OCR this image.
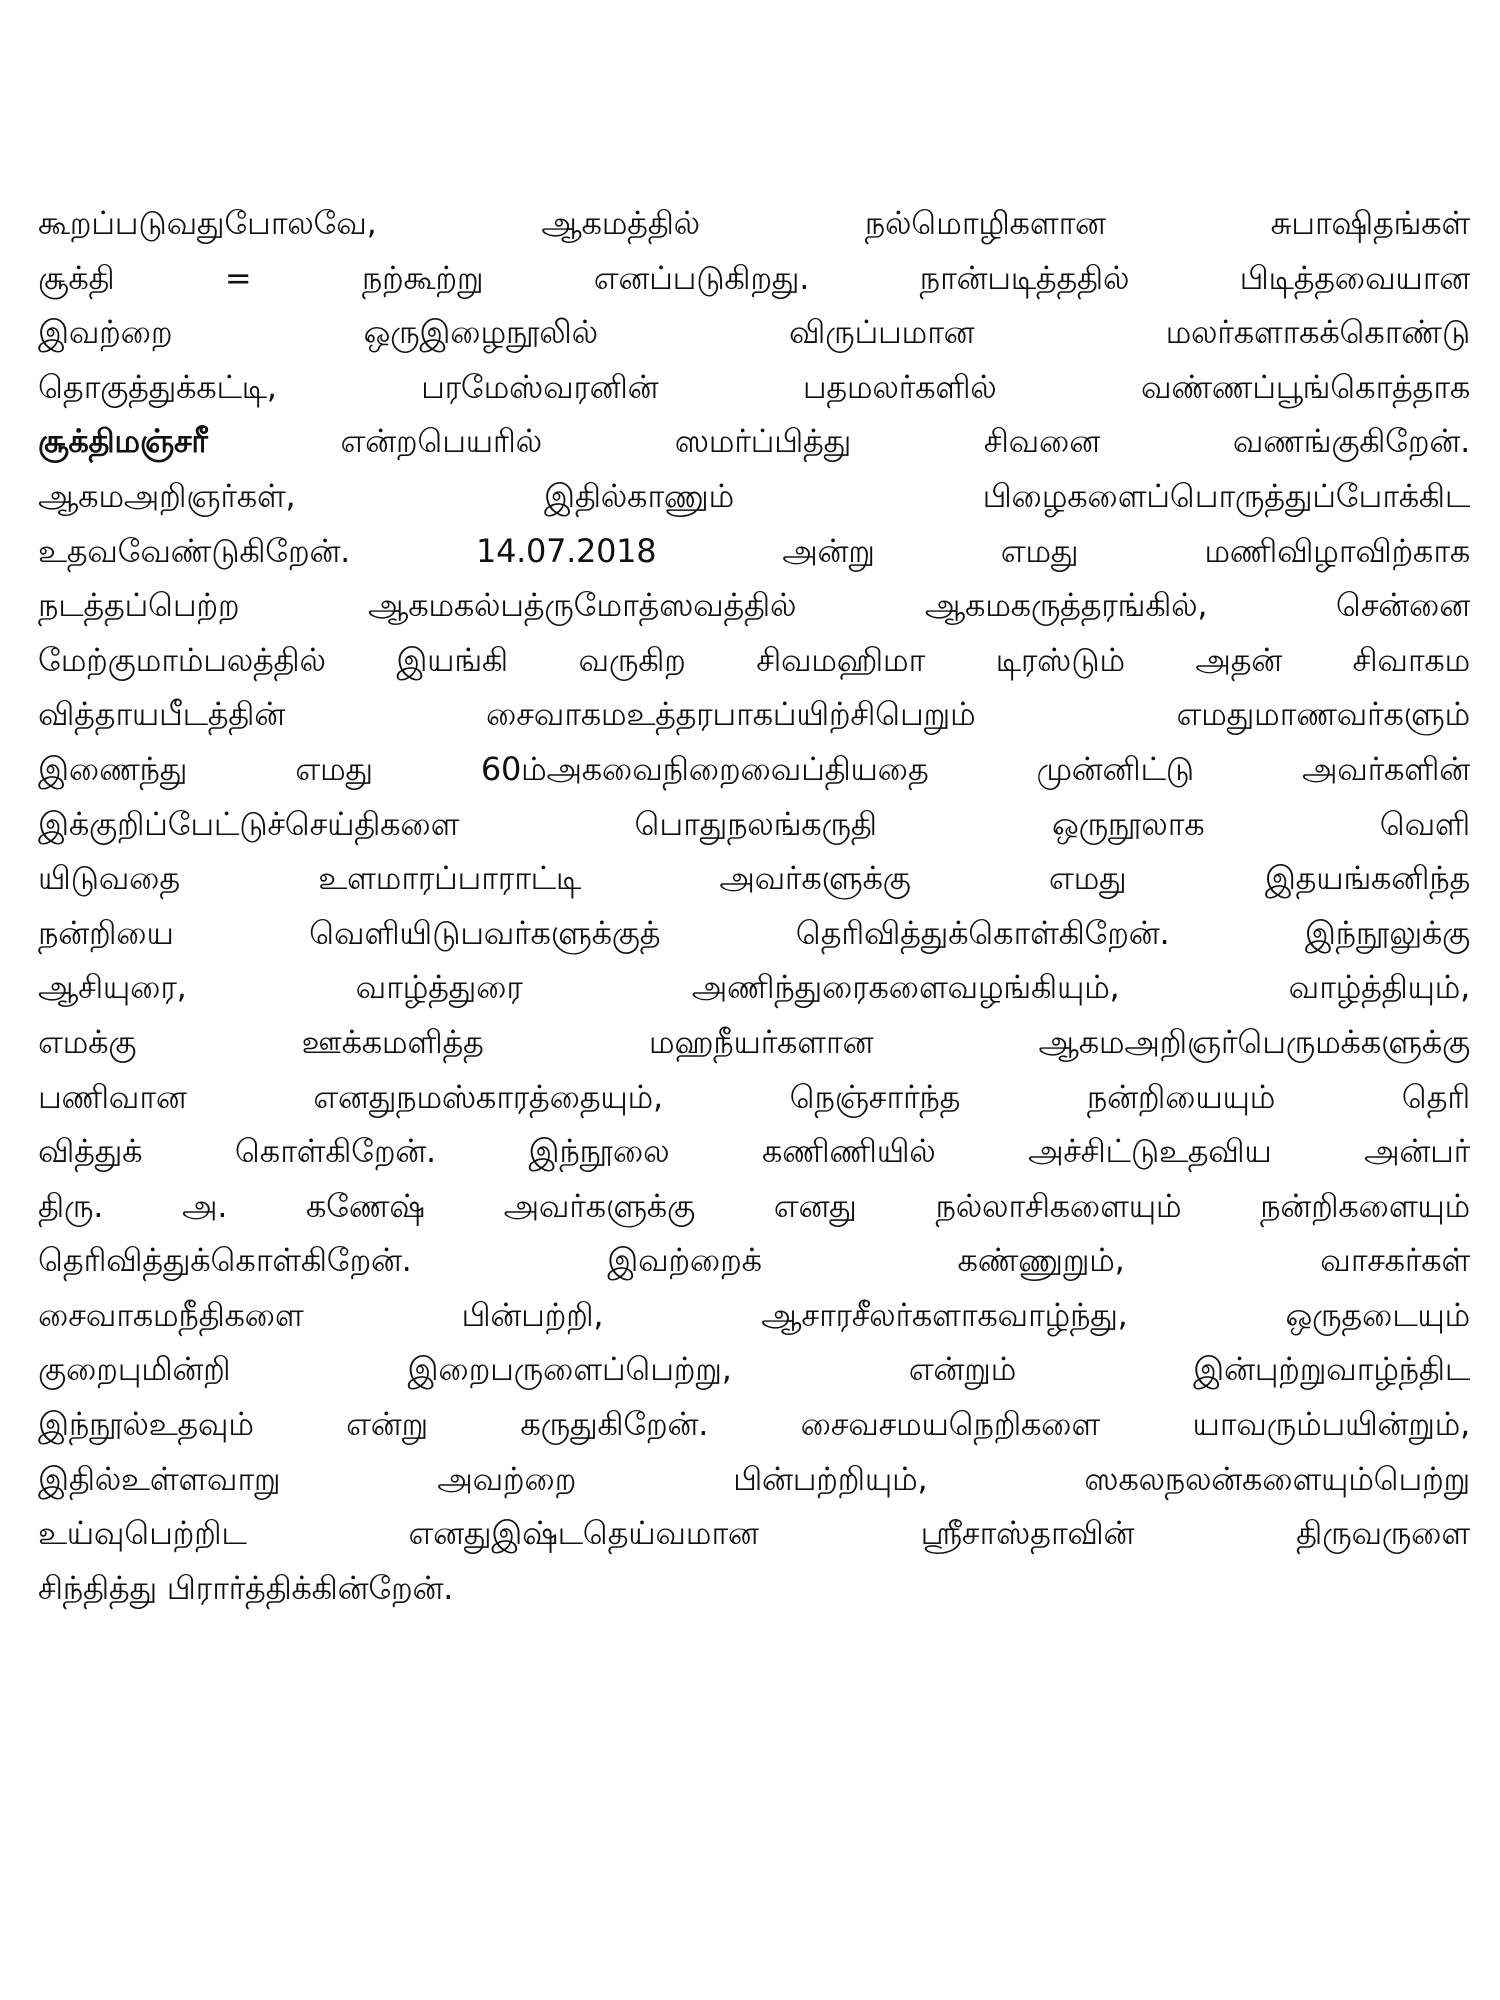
கூறப்படுவதுபோலவே, ஆகமத்தில் நல்மொழிகளான சுபாஷிதங்கள்
சூக்தி = நற்கூற்று எனப்படுகிறது. நான்படித்ததில் பிடித்தவையான
இவற்றை ஒருஇழைநூலில் விருப்பமான மலர்களாகக்கொண்டு
தொகுத்துக்கட்டி, பரமேஸ்வரனின் பதமலர்களில் வண்ணப்பூங்கொத்தாக
சூக்திமஞ்சரீ என்றபெயரில் ஸமர்ப்பித்து சிவனை வணங்குகிறேன்.
ஆகமஅறிஞர்கள், இதில்காணும் பிழைகளைப்பொருத்துப்போக்கிட
உதவவேண்டுகிறேன். 14.07.2018 அன்று எமது மணிவிழாவிற்காக
நடத்தப்பெற்ற ஆகமகல்பத்ருமோத்ஸவத்தில் ஆகமகருத்தரங்கில், சென்னை
மேற்குமாம்பலத்தில் இயங்கி வருகிற சிவமஹிமா டிரஸ்டும் அதன் சிவாகம
வித்தாயபீடத்தின் சைவாகமஉத்தரபாகப்யிற்சிபெறும் எமதுமாணவர்களும்
இணைந்து எமது 60ம்அகவைநிறைவைப்தியதை முன்னிட்டு அவர்களின்
இக்குறிப்பேட்டுச்செய்திகளை பொதுநலங்கருதி ஒருநூலாக வெளி
யிடுவதை உளமாரப்பாராட்டி அவர்களுக்கு எமது இதயங்கனிந்த
நன்றியை வெளியிடுபவர்களுக்குத் தெரிவித்துக்கொள்கிறேன். இந்நூலுக்கு
ஆசியுரை, வாழ்த்துரை அணிந்துரைகளைவழங்கியும், வாழ்த்தியும்,
எமக்கு ஊக்கமளித்த மஹநீயர்களான ஆகமஅறிஞர்பெருமக்களுக்கு
பணிவான எனதுநமஸ்காரத்தையும், நெஞ்சார்ந்த நன்றியையும் தெரி
வித்துக் கொள்கிறேன். இந்நூலை கணிணியில் அச்சிட்டுஉதவிய அன்பர்
திரு. அ. கணேஷ் அவர்களுக்கு எனது நல்லாசிகளையும் நன்றிகளையும்
தெரிவித்துக்கொள்கிறேன். இவற்றைக் கண்ணுறும், வாசகர்கள்
சைவாகமநீதிகளை பின்பற்றி, ஆசாரசீலர்களாகவாழ்ந்து, ஒருதடையும்
குறைபுமின்றி இறைபருளைப்பெற்று, என்றும் இன்புற்றுவாழ்ந்திட
இந்நூல்உதவும் என்று கருதுகிறேன். சைவசமயநெறிகளை யாவரும்பயின்றும்,
இதில்உள்ளவாறு அவற்றை பின்பற்றியும், ஸகலநலன்களையும்பெற்று
உய்வுபெற்றிட எனதுஇஷ்டதெய்வமான ஸ்ரீசாஸ்தாவின் திருவருளை
சிந்தித்து பிரார்த்திக்கின்றேன்.
